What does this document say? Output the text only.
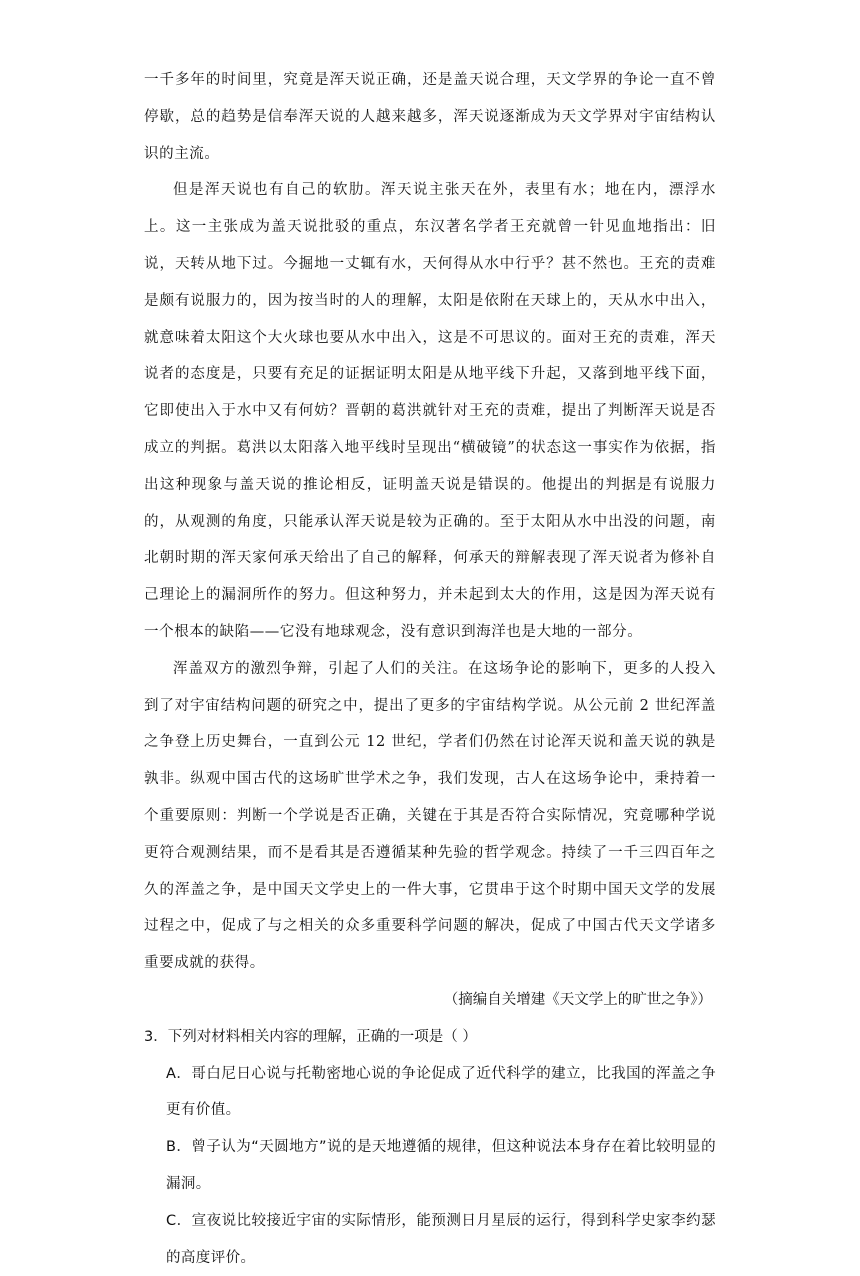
一千多年的时间里，究竟是浑天说正确，还是盖天说合理，天文学界的争论一直不曾停歇，总的趋势是信奉浑天说的人越来越多，浑天说逐渐成为天文学界对宇宙结构认识的主流。

但是浑天说也有自己的软肋。浑天说主张天在外，表里有水；地在内，漂浮水上。这一主张成为盖天说批驳的重点，东汉著名学者王充就曾一针见血地指出：旧说，天转从地下过。今掘地一丈辄有水，天何得从水中行乎？甚不然也。王充的责难是颇有说服力的，因为按当时的人的理解，太阳是依附在天球上的，天从水中出入，就意味着太阳这个大火球也要从水中出入，这是不可思议的。面对王充的责难，浑天说者的态度是，只要有充足的证据证明太阳是从地平线下升起，又落到地平线下面，它即使出入于水中又有何妨？晋朝的葛洪就针对王充的责难，提出了判断浑天说是否成立的判据。葛洪以太阳落入地平线时呈现出“横破镜”的状态这一事实作为依据，指出这种现象与盖天说的推论相反，证明盖天说是错误的。他提出的判据是有说服力的，从观测的角度，只能承认浑天说是较为正确的。至于太阳从水中出没的问题，南北朝时期的浑天家何承天给出了自己的解释，何承天的辩解表现了浑天说者为修补自己理论上的漏洞所作的努力。但这种努力，并未起到太大的作用，这是因为浑天说有一个根本的缺陷——它没有地球观念，没有意识到海洋也是大地的一部分。

浑盖双方的激烈争辩，引起了人们的关注。在这场争论的影响下，更多的人投入到了对宇宙结构问题的研究之中，提出了更多的宇宙结构学说。从公元前 2 世纪浑盖之争登上历史舞台，一直到公元 12 世纪，学者们仍然在讨论浑天说和盖天说的孰是孰非。纵观中国古代的这场旷世学术之争，我们发现，古人在这场争论中，秉持着一个重要原则：判断一个学说是否正确，关键在于其是否符合实际情况，究竟哪种学说更符合观测结果，而不是看其是否遵循某种先验的哲学观念。持续了一千三四百年之久的浑盖之争，是中国天文学史上的一件大事，它贯串于这个时期中国天文学的发展过程之中，促成了与之相关的众多重要科学问题的解决，促成了中国古代天文学诸多重要成就的获得。

（摘编自关增建《天文学上的旷世之争》）

3．下列对材料相关内容的理解，正确的一项是（ ）

A．哥白尼日心说与托勒密地心说的争论促成了近代科学的建立，比我国的浑盖之争更有价值。

B．曾子认为“天圆地方”说的是天地遵循的规律，但这种说法本身存在着比较明显的漏洞。

C．宣夜说比较接近宇宙的实际情形，能预测日月星辰的运行，得到科学史家李约瑟的高度评价。
